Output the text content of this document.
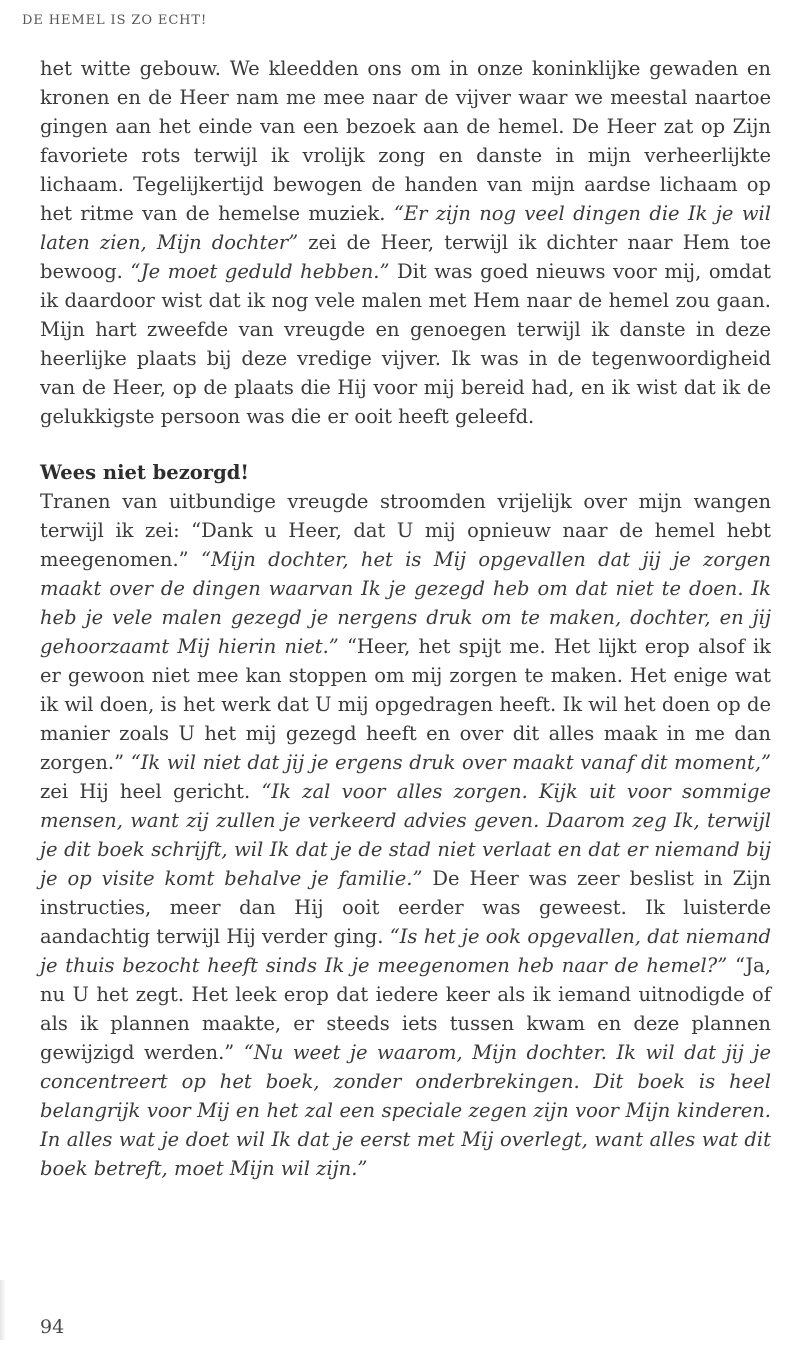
DE HEMEL IS ZO ECHT!

het witte gebouw. We kleedden ons om in onze koninklijke gewaden en kronen en de Heer nam me mee naar de vijver waar we meestal naartoe gingen aan het einde van een bezoek aan de hemel. De Heer zat op Zijn favoriete rots terwijl ik vrolijk zong en danste in mijn verheerlijkte lichaam. Tegelijkertijd bewogen de handen van mijn aardse lichaam op het ritme van de hemelse muziek. “Er zijn nog veel dingen die Ik je wil laten zien, Mijn dochter” zei de Heer, terwijl ik dichter naar Hem toe bewoog. “Je moet geduld hebben.” Dit was goed nieuws voor mij, omdat ik daardoor wist dat ik nog vele malen met Hem naar de hemel zou gaan. Mijn hart zweefde van vreugde en genoegen terwijl ik danste in deze heerlijke plaats bij deze vredige vijver. Ik was in de tegenwoordigheid van de Heer, op de plaats die Hij voor mij bereid had, en ik wist dat ik de gelukkigste persoon was die er ooit heeft geleefd.

Wees niet bezorgd!

Tranen van uitbundige vreugde stroomden vrijelijk over mijn wangen terwijl ik zei: “Dank u Heer, dat U mij opnieuw naar de hemel hebt meegenomen.” “Mijn dochter, het is Mij opgevallen dat jij je zorgen maakt over de dingen waarvan Ik je gezegd heb om dat niet te doen. Ik heb je vele malen gezegd je nergens druk om te maken, dochter, en jij gehoorzaamt Mij hierin niet.” “Heer, het spijt me. Het lijkt erop alsof ik er gewoon niet mee kan stoppen om mij zorgen te maken. Het enige wat ik wil doen, is het werk dat U mij opgedragen heeft. Ik wil het doen op de manier zoals U het mij gezegd heeft en over dit alles maak in me dan zorgen.” “Ik wil niet dat jij je ergens druk over maakt vanaf dit moment,” zei Hij heel gericht. “Ik zal voor alles zorgen. Kijk uit voor sommige mensen, want zij zullen je verkeerd advies geven. Daarom zeg Ik, terwijl je dit boek schrijft, wil Ik dat je de stad niet verlaat en dat er niemand bij je op visite komt behalve je familie.” De Heer was zeer beslist in Zijn instructies, meer dan Hij ooit eerder was geweest. Ik luisterde aandachtig terwijl Hij verder ging. “Is het je ook opgevallen, dat niemand je thuis bezocht heeft sinds Ik je meegenomen heb naar de hemel?” “Ja, nu U het zegt. Het leek erop dat iedere keer als ik iemand uitnodigde of als ik plannen maakte, er steeds iets tussen kwam en deze plannen gewijzigd werden.” “Nu weet je waarom, Mijn dochter. Ik wil dat jij je concentreert op het boek, zonder onderbrekingen. Dit boek is heel belangrijk voor Mij en het zal een speciale zegen zijn voor Mijn kinderen. In alles wat je doet wil Ik dat je eerst met Mij overlegt, want alles wat dit boek betreft, moet Mijn wil zijn.”

94
